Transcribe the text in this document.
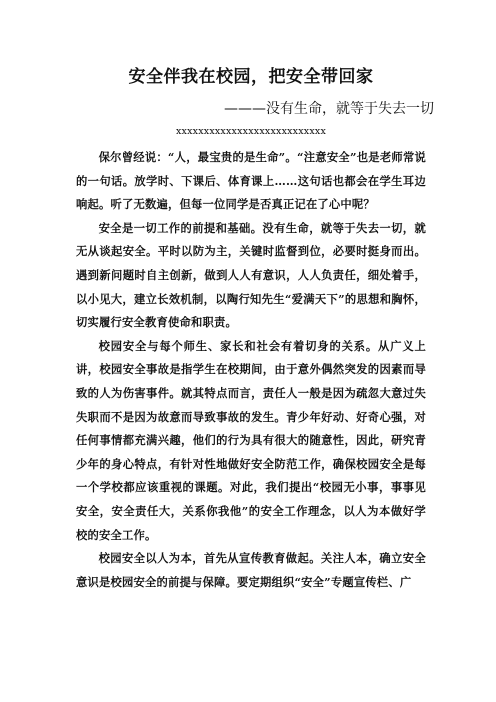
安全伴我在校园，把安全带回家
———没有生命，就等于失去一切
xxxxxxxxxxxxxxxxxxxxxxxxxxx

保尔曾经说：“人，最宝贵的是生命”。“注意安全”也是老师常说的一句话。放学时、下课后、体育课上……这句话也都会在学生耳边响起。听了无数遍，但每一位同学是否真正记在了心中呢？

安全是一切工作的前提和基础。没有生命，就等于失去一切，就无从谈起安全。平时以防为主，关键时监督到位，必要时挺身而出。遇到新问题时自主创新，做到人人有意识，人人负责任，细处着手，以小见大，建立长效机制，以陶行知先生“爱满天下”的思想和胸怀，切实履行安全教育使命和职责。

校园安全与每个师生、家长和社会有着切身的关系。从广义上讲，校园安全事故是指学生在校期间，由于意外偶然突发的因素而导致的人为伤害事件。就其特点而言，责任人一般是因为疏忽大意过失失职而不是因为故意而导致事故的发生。青少年好动、好奇心强，对任何事情都充满兴趣，他们的行为具有很大的随意性，因此，研究青少年的身心特点，有针对性地做好安全防范工作，确保校园安全是每一个学校都应该重视的课题。对此，我们提出“校园无小事，事事见安全，安全责任大，关系你我他”的安全工作理念，以人为本做好学校的安全工作。

校园安全以人为本，首先从宣传教育做起。关注人本，确立安全意识是校园安全的前提与保障。要定期组织“安全”专题宣传栏、广
